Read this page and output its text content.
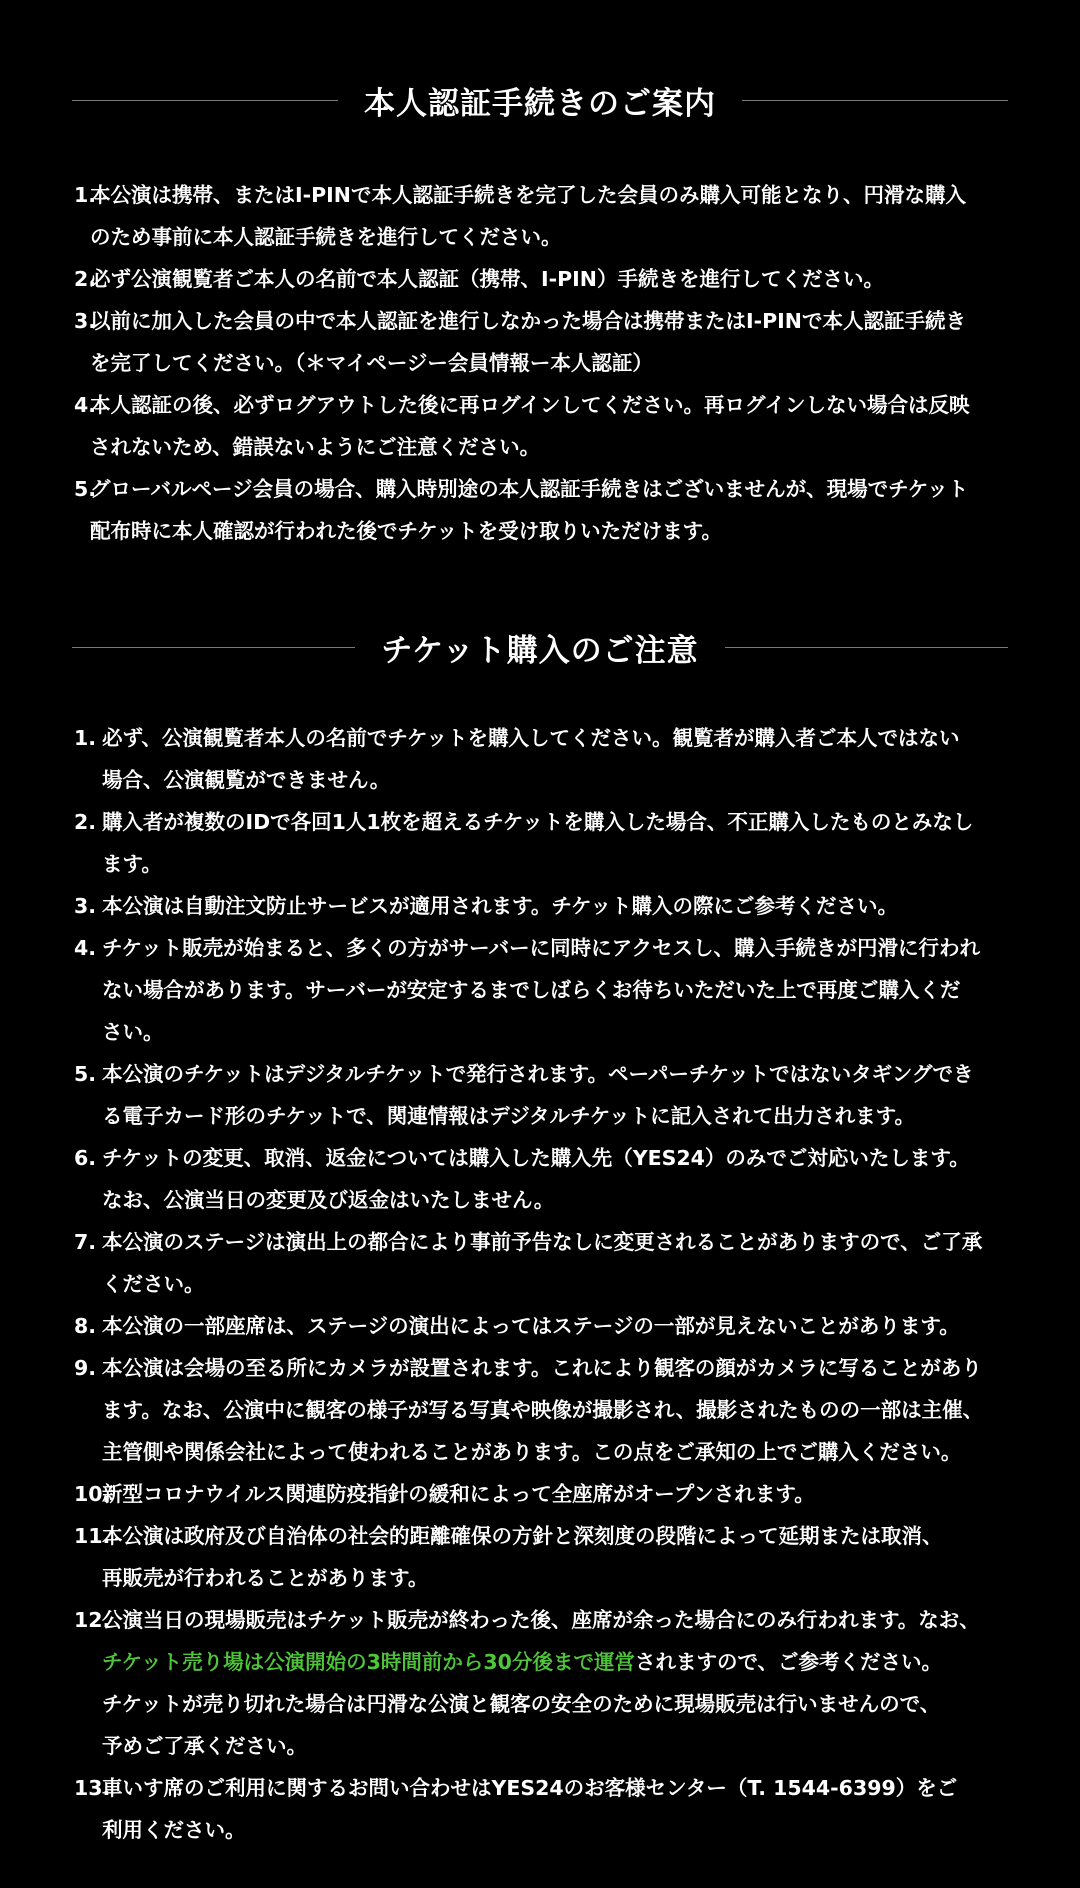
本人認証手続きのご案内
1.
本公演は携帯、またはI-PINで本人認証手続きを完了した会員のみ購入可能となり、円滑な購入
のため事前に本人認証手続きを進行してください。
2.
必ず公演観覧者ご本人の名前で本人認証（携帯、I-PIN）手続きを進行してください。
3.
以前に加入した会員の中で本人認証を進行しなかった場合は携帯またはI-PINで本人認証手続き
を完了してください。（＊マイページー会員情報ー本人認証）
4.
本人認証の後、必ずログアウトした後に再ログインしてください。再ログインしない場合は反映
されないため、錯誤ないようにご注意ください。
5.
グローバルページ会員の場合、購入時別途の本人認証手続きはございませんが、現場でチケット
配布時に本人確認が行われた後でチケットを受け取りいただけます。
チケット購入のご注意
1. 必ず、公演観覧者本人の名前でチケットを購入してください。観覧者が購入者ご本人ではない
場合、公演観覧ができません。
2. 購入者が複数のIDで各回1人1枚を超えるチケットを購入した場合、不正購入したものとみなし
ます。
3. 本公演は自動注文防止サービスが適用されます。チケット購入の際にご参考ください。
4. チケット販売が始まると、多くの方がサーバーに同時にアクセスし、購入手続きが円滑に行われ
ない場合があります。サーバーが安定するまでしばらくお待ちいただいた上で再度ご購入くだ
さい。
5. 本公演のチケットはデジタルチケットで発行されます。ペーパーチケットではないタギングでき
る電子カード形のチケットで、関連情報はデジタルチケットに記入されて出力されます。
6. チケットの変更、取消、返金については購入した購入先（YES24）のみでご対応いたします。
なお、公演当日の変更及び返金はいたしません。
7. 本公演のステージは演出上の都合により事前予告なしに変更されることがありますので、ご了承
ください。
8. 本公演の一部座席は、ステージの演出によってはステージの一部が見えないことがあります。
9. 本公演は会場の至る所にカメラが設置されます。これにより観客の顔がカメラに写ることがあり
ます。なお、公演中に観客の様子が写る写真や映像が撮影され、撮影されたものの一部は主催、
主管側や関係会社によって使われることがあります。この点をご承知の上でご購入ください。
10.
新型コロナウイルス関連防疫指針の緩和によって全座席がオープンされます。
11.
本公演は政府及び自治体の社会的距離確保の方針と深刻度の段階によって延期または取消、
再販売が行われることがあります。
12.
公演当日の現場販売はチケット販売が終わった後、座席が余った場合にのみ行われます。なお、
チケット売り場は公演開始の3時間前から30分後まで運営されますので、ご参考ください。
チケットが売り切れた場合は円滑な公演と観客の安全のために現場販売は行いませんので、
予めご了承ください。
13.
車いす席のご利用に関するお問い合わせはYES24のお客様センター（T. 1544-6399）をご
利用ください。
